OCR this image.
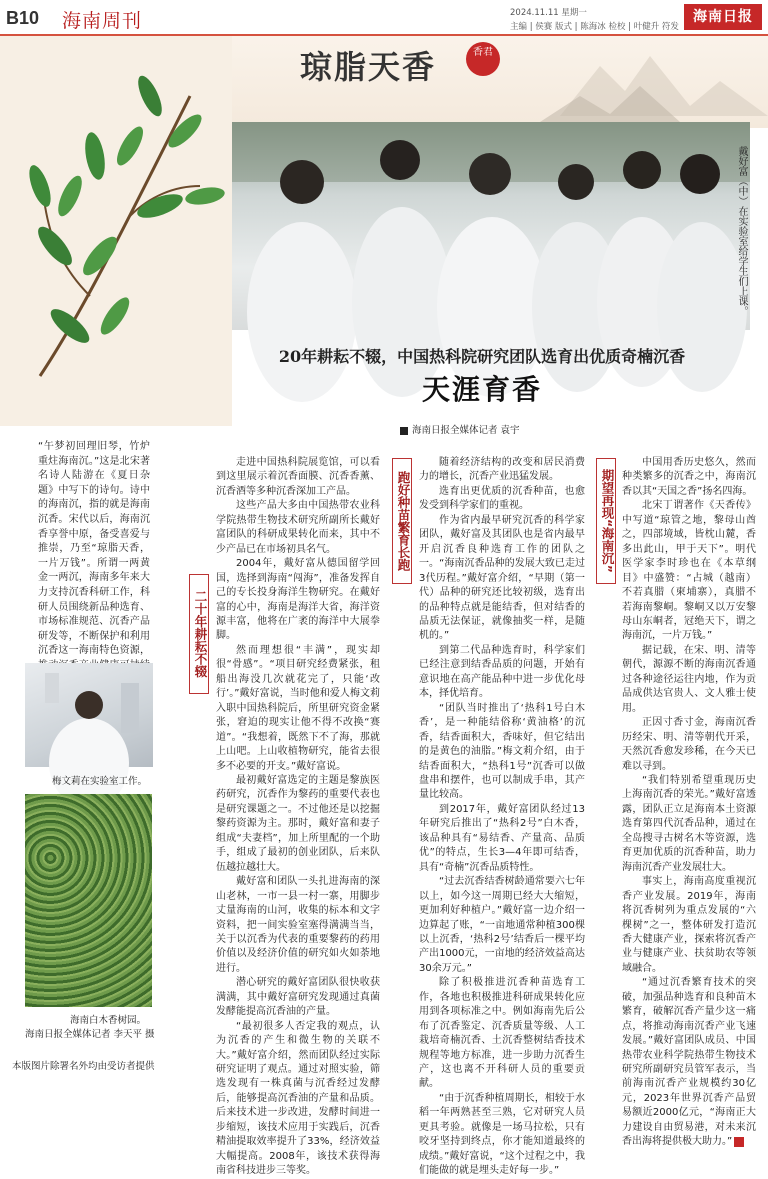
B10 海南周刊	2024.11.11 星期一
主编 | 侯赛 版式 | 陈海冰 检校 | 叶健升 符发
海南日报
琼脂天香	香君
戴好富（中）在实验室给学生们上课。
20年耕耘不辍，中国热科院研究团队选育出优质奇楠沉香
天涯育香
海南日报全媒体记者 袁宇
“午梦初回理旧琴，竹炉重炷海南沉。”这是北宋著名诗人陆游在《夏日杂题》中写下的诗句。诗中的海南沉，指的就是海南沉香。宋代以后，海南沉香享誉中原，备受喜爱与推崇，乃至“琼脂天香，一片万钱”。所谓一两黄金一两沉，海南多年来大力支持沉香科研工作，科研人员围绕新品种选育、市场标准规范、沉香产品研发等，不断保护和利用沉香这一海南特色资源，
梅文莉在实验室工作。
海南白木香树园。
海南日报全媒体记者 李天平 摄
本版图片除署名外均由受访者提供
二十年耕耘不辍
跑好种苗繁育长跑	期望再现“海南沉”

走进中国热科院展览馆，可以看到这里展示着沉香面膜、沉香香薰、沉香酒等多种沉香深加工产品。

这些产品大多由中国热带农业科学院热带生物技术研究所副所长戴好富团队的科研成果转化而来，其中不少产品已在市场初具名气。

2004年，戴好富从德国留学回国，选择到海南“闯海”，准备发挥自己的专长投身海洋生物研究。在戴好富的心中，海南是海洋大省，海洋资源丰富，他将在广袤的海洋中大展拳脚。

然而理想很“丰满”，现实却很“骨感”。“项目研究经费紧张，租船出海没几次就花完了，只能‘改行’。”戴好富说，当时他和爱人梅文莉入职中国热科院后，所里研究资金紧张，窘迫的现实让他不得不改换“赛道”。“我想着，既然下不了海，那就上山吧。上山收植物研究，能省去很多不必要的开支。”戴好富说。

最初戴好富选定的主题是黎族医药研究，沉香作为黎药的重要代表也是研究课题之一。不过他还是以挖掘黎药资源为主。那时，戴好富和妻子组成“夫妻档”，加上所里配的一个助手，组成了最初的创业团队，后来队伍越拉越壮大。

戴好富和团队一头扎进海南的深山老林，一市一县一村一寨，用脚步丈量海南的山河，收集的标本和文字资料，把一间实验室塞得满满当当，关于以沉香为代表的重要黎药的药用价值以及经济价值的研究如火如荼地进行。

潜心研究的戴好富团队很快收获满满，其中戴好富研究发现通过真菌发酵能提高沉香油的产量。

“最初很多人否定我的观点，认为沉香的产生和微生物的关联不大。”戴好富介绍，然而团队经过实际研究证明了观点。通过对照实验，筛选发现有一株真菌与沉香经过发酵后，能够提高沉香油的产量和品质。后来技术进一步改进，发酵时间进一步缩短，该技术应用于实践后，沉香精油提取效率提升了33%，经济效益大幅提高。2008年，该技术获得海南省科技进步三等奖。

随着经济结构的改变和居民消费力的增长，沉香产业迅猛发展。

选育出更优质的沉香种苗，也愈发受到科学家们的重视。

作为省内最早研究沉香的科学家团队，戴好富及其团队也是省内最早开启沉香良种选育工作的团队之一。“海南沉香品种的发展大致已走过3代历程。”戴好富介绍，“早期（第一代）品种的研究还比较初级，选育出的品种特点就是能结香，但对结香的品质无法保证，就像抽奖一样，是随机的。”

到第二代品种选育时，科学家们已经注意到结香品质的问题，开始有意识地在高产能品种中进一步优化母本，择优培育。

“团队当时推出了‘热科1号白木香’，是一种能结俗称‘黄油格’的沉香，结香面积大，香味好，但它结出的是黄色的油脂。”梅文莉介绍，由于结香面积大，“热科1号”沉香可以做盘串和摆件，也可以制成手串，其产量比较高。

到2017年，戴好富团队经过13年研究后推出了“热科2号”白木香，该品种具有“易结香、产量高、品质优”的特点，生长3—4年即可结香，具有“奇楠”沉香品质特性。

“过去沉香结香树龄通常要六七年以上，如今这一周期已经大大缩短，更加利好种植户。”戴好富一边介绍一边算起了账，“一亩地通常种植300棵以上沉香，‘热科2号’结香后一棵平均产出1000元，一亩地的经济效益高达30余万元。”

除了积极推进沉香种苗选育工作，各地也积极推进科研成果转化应用到各项标准之中。例如海南先后公布了沉香鉴定、沉香质量等级、人工栽培奇楠沉香、土沉香整树结香技术规程等地方标准，进一步助力沉香生产，这也离不开科研人员的重要贡献。

“由于沉香种植周期长，相较于水稻一年两熟甚至三熟，它对研究人员更具考验。就像是一场马拉松，只有咬牙坚持到终点，你才能知道最终的成绩。”戴好富说，“这个过程之中，我们能做的就是埋头走好每一步。”

中国用香历史悠久，然而种类繁多的沉香之中，海南沉香以其“天国之香”扬名四海。

北宋丁谓著作《天香传》中写道“琼管之地，黎母山酋之，四部境域，皆枕山麓，香多出此山，甲于天下”。明代医学家李时珍也在《本草纲目》中盛赞：“占城（越南）不若真腊（柬埔寨），真腊不若海南黎峒。黎峒又以万安黎母山东峒者，冠绝天下，谓之海南沉，一片万钱。”

据记载，在宋、明、清等朝代，源源不断的海南沉香通过各种途径运往内地，作为贡品成供达官贵人、文人雅士使用。

正因寸香寸金，海南沉香历经宋、明、清等朝代开采，天然沉香愈发珍稀，在今天已难以寻到。

“我们特别希望重现历史上海南沉香的荣光。”戴好富透露，团队正立足海南本土资源选育第四代沉香品种，通过在全岛搜寻古树名木等资源，选育更加优质的沉香种苗，助力海南沉香产业发展壮大。

事实上，海南高度重视沉香产业发展。2019年，海南将沉香树列为重点发展的“六棵树”之一，整体研发打造沉香大健康产业，探索将沉香产业与健康产业、扶贫助农等领域融合。

“通过沉香繁育技术的突破，加强品种选育和良种苗木繁育，破解沉香产量少这一痛点，将推动海南沉香产业飞速发展。”戴好富团队成员、中国热带农业科学院热带生物技术研究所副研究员管军表示，当前海南沉香产业规模约30亿元，2023年世界沉香产品贸易额近2000亿元，“海南正大力建设自由贸易港，对未来沉香出海将提供极大助力。”	图
